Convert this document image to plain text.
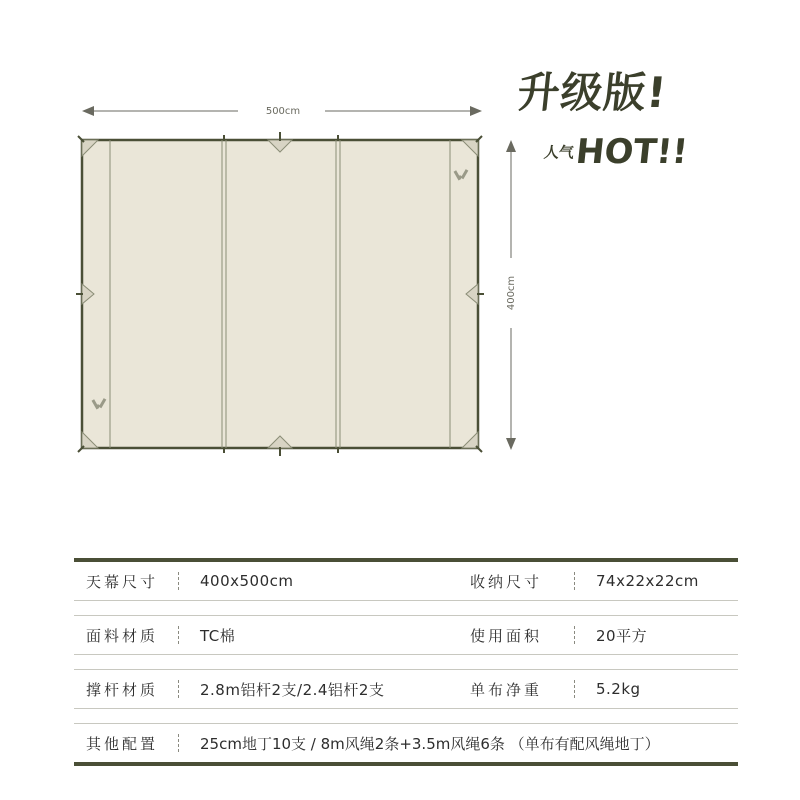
升级版!
人气HOT!!
500cm
400cm
天幕尺寸	400x500cm	收纳尺寸	74x22x22cm
面料材质	TC棉	使用面积	20平方
撑杆材质	2.8m铝杆2支/2.4铝杆2支	单布净重	5.2kg
其他配置	25cm地丁10支 / 8m风绳2条+3.5m风绳6条 （单布有配风绳地丁）
